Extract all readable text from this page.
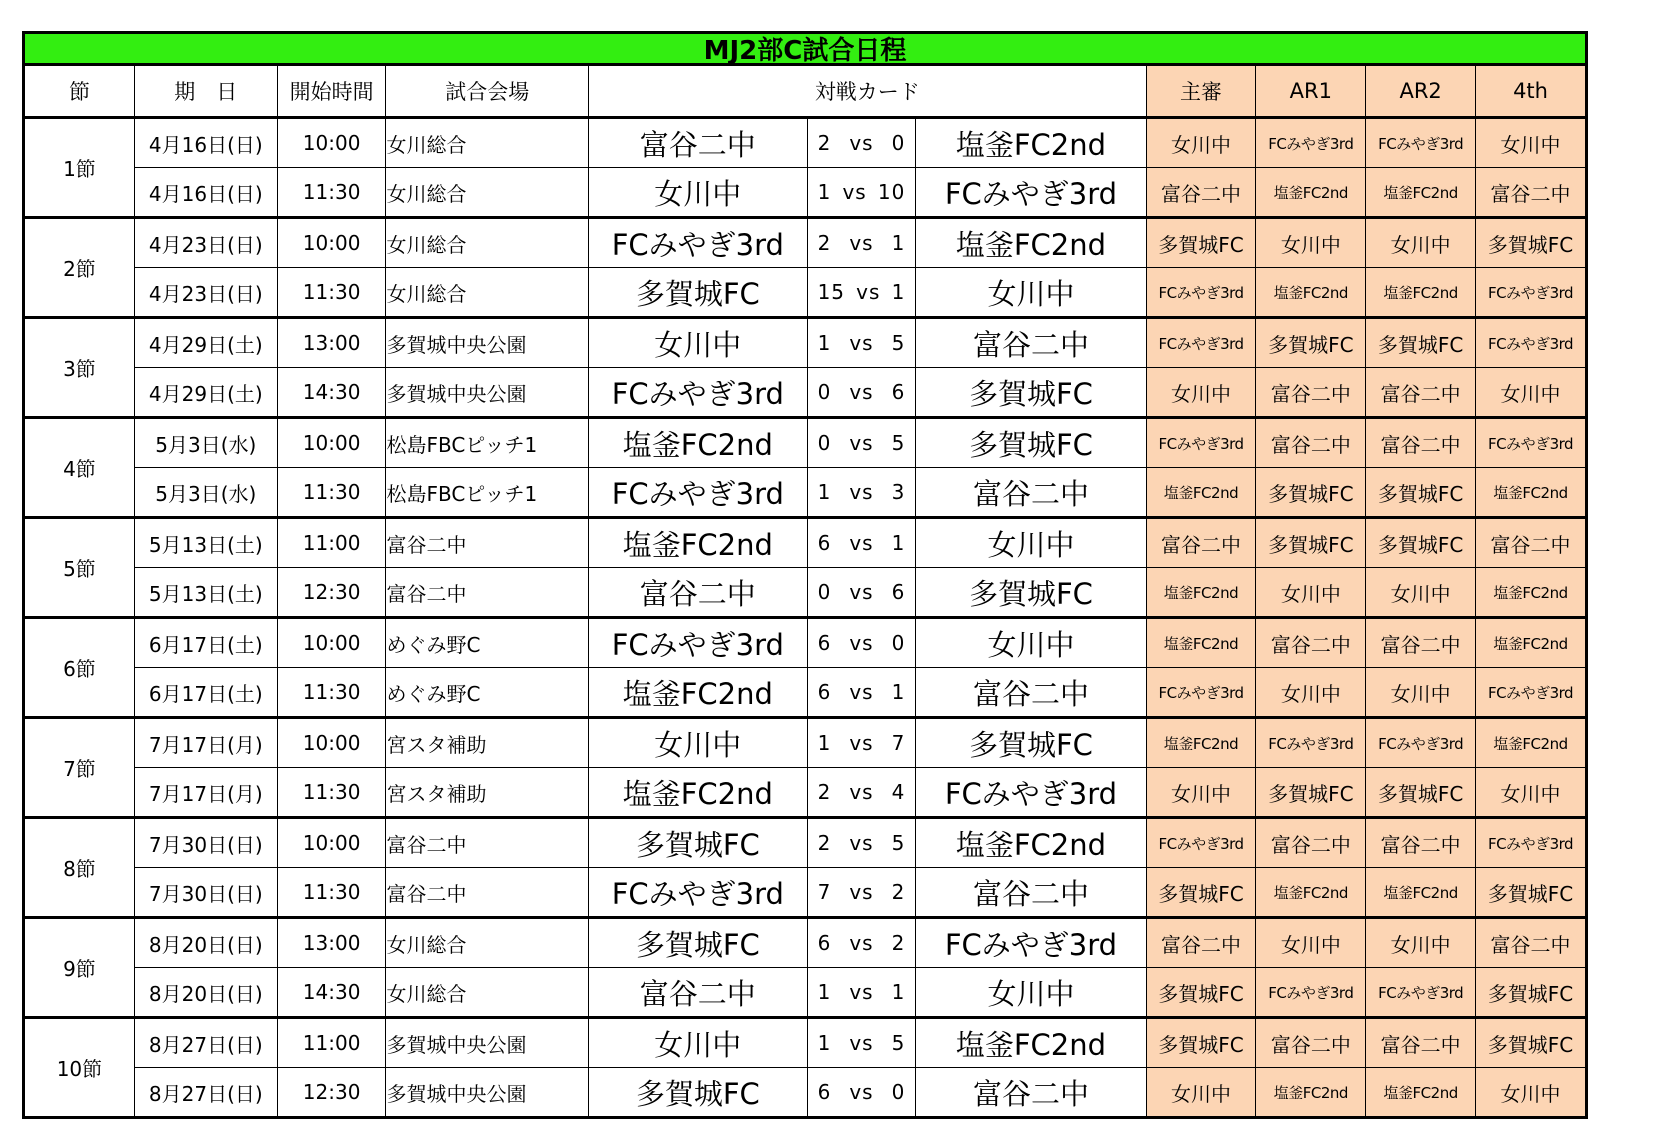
MJ2部C試合日程
節	期　日	開始時間	試合会場	対戦カード			主審	AR1	AR2	4th
1節	4月16日(日)	10:00	女川総合	富谷二中	2 vs 0	塩釜FC2nd	女川中	FCみやぎ3rd	FCみやぎ3rd	女川中
	4月16日(日)	11:30	女川総合	女川中	1 vs 10	FCみやぎ3rd	富谷二中	塩釜FC2nd	塩釜FC2nd	富谷二中
2節	4月23日(日)	10:00	女川総合	FCみやぎ3rd	2 vs 1	塩釜FC2nd	多賀城FC	女川中	女川中	多賀城FC
	4月23日(日)	11:30	女川総合	多賀城FC	15 vs 1	女川中	FCみやぎ3rd	塩釜FC2nd	塩釜FC2nd	FCみやぎ3rd
3節	4月29日(土)	13:00	多賀城中央公園	女川中	1 vs 5	富谷二中	FCみやぎ3rd	多賀城FC	多賀城FC	FCみやぎ3rd
	4月29日(土)	14:30	多賀城中央公園	FCみやぎ3rd	0 vs 6	多賀城FC	女川中	富谷二中	富谷二中	女川中
4節	5月3日(水)	10:00	松島FBCピッチ1	塩釜FC2nd	0 vs 5	多賀城FC	FCみやぎ3rd	富谷二中	富谷二中	FCみやぎ3rd
	5月3日(水)	11:30	松島FBCピッチ1	FCみやぎ3rd	1 vs 3	富谷二中	塩釜FC2nd	多賀城FC	多賀城FC	塩釜FC2nd
5節	5月13日(土)	11:00	富谷二中	塩釜FC2nd	6 vs 1	女川中	富谷二中	多賀城FC	多賀城FC	富谷二中
	5月13日(土)	12:30	富谷二中	富谷二中	0 vs 6	多賀城FC	塩釜FC2nd	女川中	女川中	塩釜FC2nd
6節	6月17日(土)	10:00	めぐみ野C	FCみやぎ3rd	6 vs 0	女川中	塩釜FC2nd	富谷二中	富谷二中	塩釜FC2nd
	6月17日(土)	11:30	めぐみ野C	塩釜FC2nd	6 vs 1	富谷二中	FCみやぎ3rd	女川中	女川中	FCみやぎ3rd
7節	7月17日(月)	10:00	宮スタ補助	女川中	1 vs 7	多賀城FC	塩釜FC2nd	FCみやぎ3rd	FCみやぎ3rd	塩釜FC2nd
	7月17日(月)	11:30	宮スタ補助	塩釜FC2nd	2 vs 4	FCみやぎ3rd	女川中	多賀城FC	多賀城FC	女川中
8節	7月30日(日)	10:00	富谷二中	多賀城FC	2 vs 5	塩釜FC2nd	FCみやぎ3rd	富谷二中	富谷二中	FCみやぎ3rd
	7月30日(日)	11:30	富谷二中	FCみやぎ3rd	7 vs 2	富谷二中	多賀城FC	塩釜FC2nd	塩釜FC2nd	多賀城FC
9節	8月20日(日)	13:00	女川総合	多賀城FC	6 vs 2	FCみやぎ3rd	富谷二中	女川中	女川中	富谷二中
	8月20日(日)	14:30	女川総合	富谷二中	1 vs 1	女川中	多賀城FC	FCみやぎ3rd	FCみやぎ3rd	多賀城FC
10節	8月27日(日)	11:00	多賀城中央公園	女川中	1 vs 5	塩釜FC2nd	多賀城FC	富谷二中	富谷二中	多賀城FC
	8月27日(日)	12:30	多賀城中央公園	多賀城FC	6 vs 0	富谷二中	女川中	塩釜FC2nd	塩釜FC2nd	女川中
